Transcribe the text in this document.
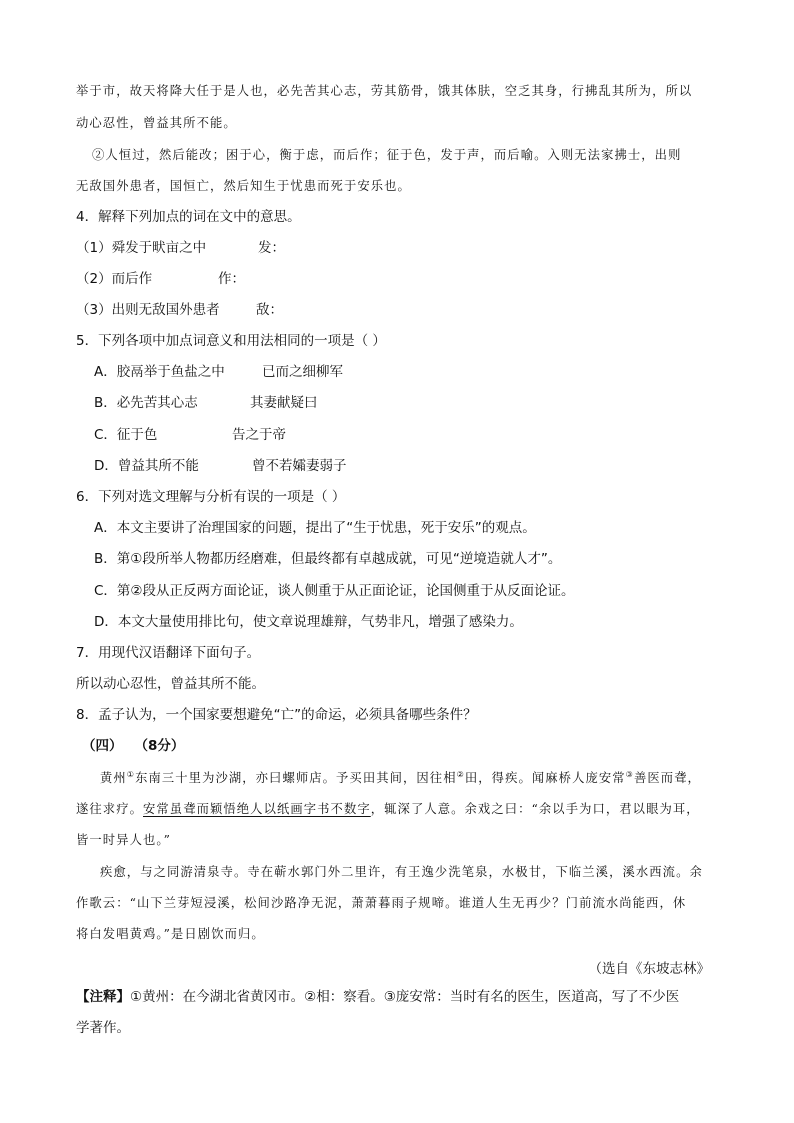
举于市，故天将降大任于是人也，必先苦其心志，劳其筋骨，饿其体肤，空乏其身，行拂乱其所为，所以
动心忍性，曾益其所不能。
②人恒过，然后能改；困于心，衡于虑，而后作；征于色，发于声，而后喻。入则无法家拂士，出则
无敌国外患者，国恒亡，然后知生于忧患而死于安乐也。
4．解释下列加点的词在文中的意思。
（1）舜发于畎亩之中	发：
（2）而后作	作：
（3）出则无敌国外患者	敌：
5．下列各项中加点词意义和用法相同的一项是（ ）
A．胶鬲举于鱼盐之中	已而之细柳军
B．必先苦其心志	其妻献疑曰
C．征于色	告之于帝
D．曾益其所不能	曾不若孀妻弱子
6．下列对选文理解与分析有误的一项是（ ）
A．本文主要讲了治理国家的问题，提出了“生于忧患，死于安乐”的观点。
B．第①段所举人物都历经磨难，但最终都有卓越成就，可见“逆境造就人才”。
C．第②段从正反两方面论证，谈人侧重于从正面论证，论国侧重于从反面论证。
D．本文大量使用排比句，使文章说理雄辩，气势非凡，增强了感染力。
7．用现代汉语翻译下面句子。
所以动心忍性，曾益其所不能。
8．孟子认为，一个国家要想避免“亡”的命运，必须具备哪些条件？
（四） （8分）
黄州①东南三十里为沙湖，亦曰螺师店。予买田其间，因往相②田，得疾。闻麻桥人庞安常③善医而聋，
遂往求疗。安常虽聋而颖悟绝人以纸画字书不数字，辄深了人意。余戏之曰：“余以手为口，君以眼为耳，
皆一时异人也。”
疾愈，与之同游清泉寺。寺在蕲水郭门外二里许，有王逸少洗笔泉，水极甘，下临兰溪，溪水西流。余
作歌云：“山下兰芽短浸溪，松间沙路净无泥，萧萧暮雨子规啼。谁道人生无再少？门前流水尚能西，休
将白发唱黄鸡。”是日剧饮而归。
（选自《东坡志林》
【注释】①黄州：在今湖北省黄冈市。②相：察看。③庞安常：当时有名的医生，医道高，写了不少医
学著作。
